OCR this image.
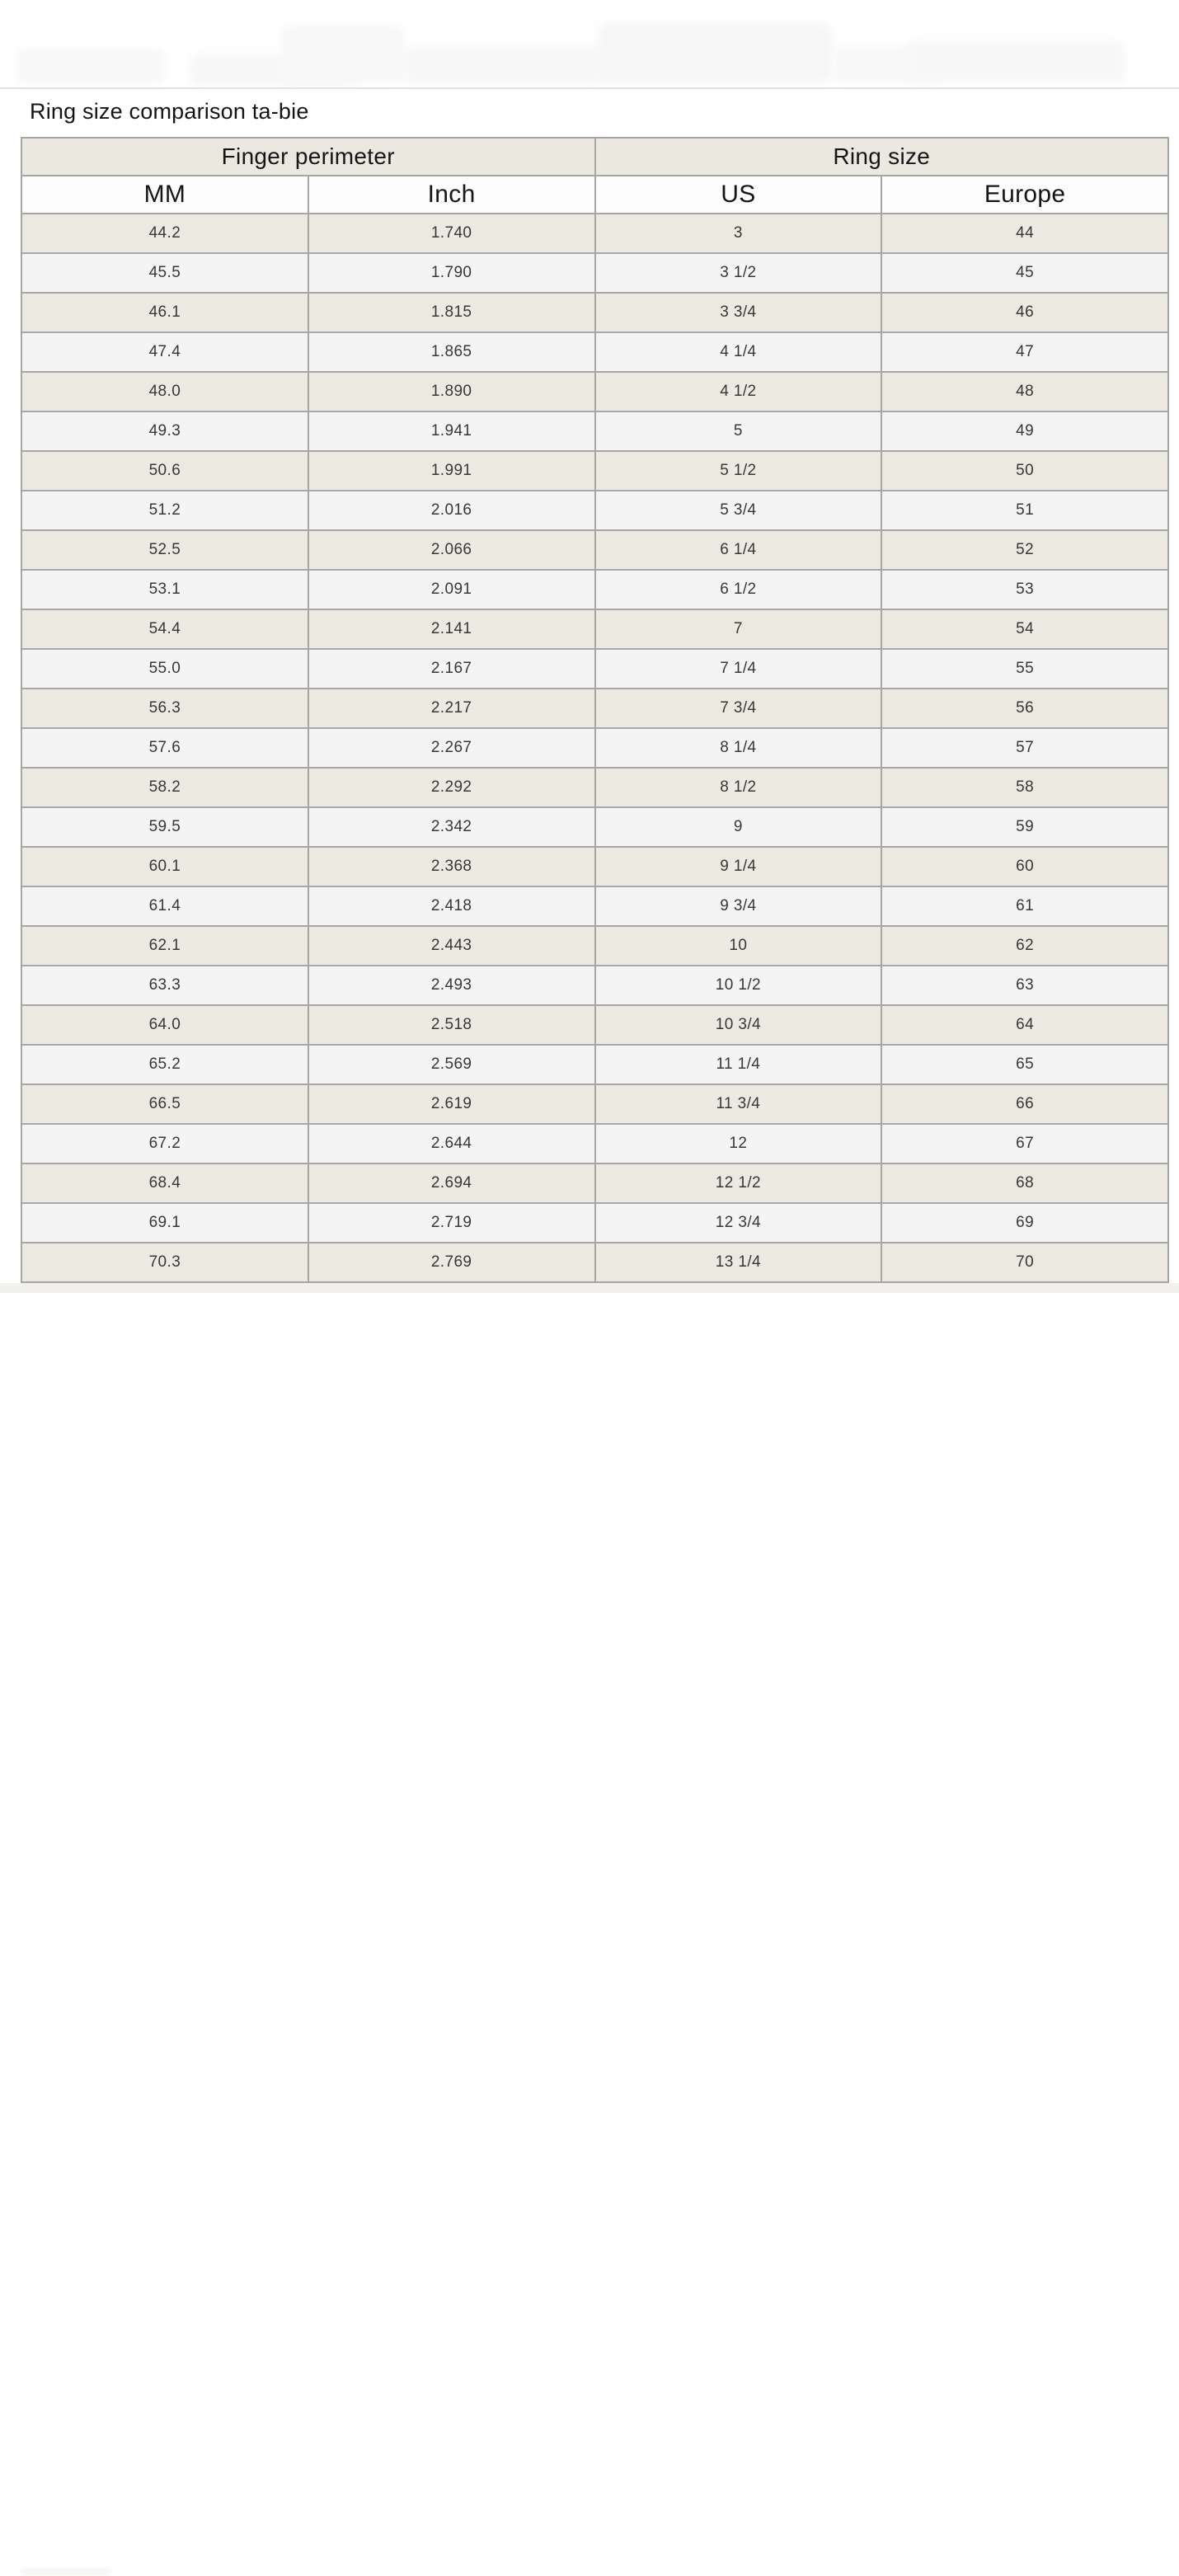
Ring size comparison ta-bie
Finger perimeter		Ring size	
MM	Inch	US	Europe
44.2	1.740	3	44
45.5	1.790	3 1/2	45
46.1	1.815	3 3/4	46
47.4	1.865	4 1/4	47
48.0	1.890	4 1/2	48
49.3	1.941	5	49
50.6	1.991	5 1/2	50
51.2	2.016	5 3/4	51
52.5	2.066	6 1/4	52
53.1	2.091	6 1/2	53
54.4	2.141	7	54
55.0	2.167	7 1/4	55
56.3	2.217	7 3/4	56
57.6	2.267	8 1/4	57
58.2	2.292	8 1/2	58
59.5	2.342	9	59
60.1	2.368	9 1/4	60
61.4	2.418	9 3/4	61
62.1	2.443	10	62
63.3	2.493	10 1/2	63
64.0	2.518	10 3/4	64
65.2	2.569	11 1/4	65
66.5	2.619	11 3/4	66
67.2	2.644	12	67
68.4	2.694	12 1/2	68
69.1	2.719	12 3/4	69
70.3	2.769	13 1/4	70
